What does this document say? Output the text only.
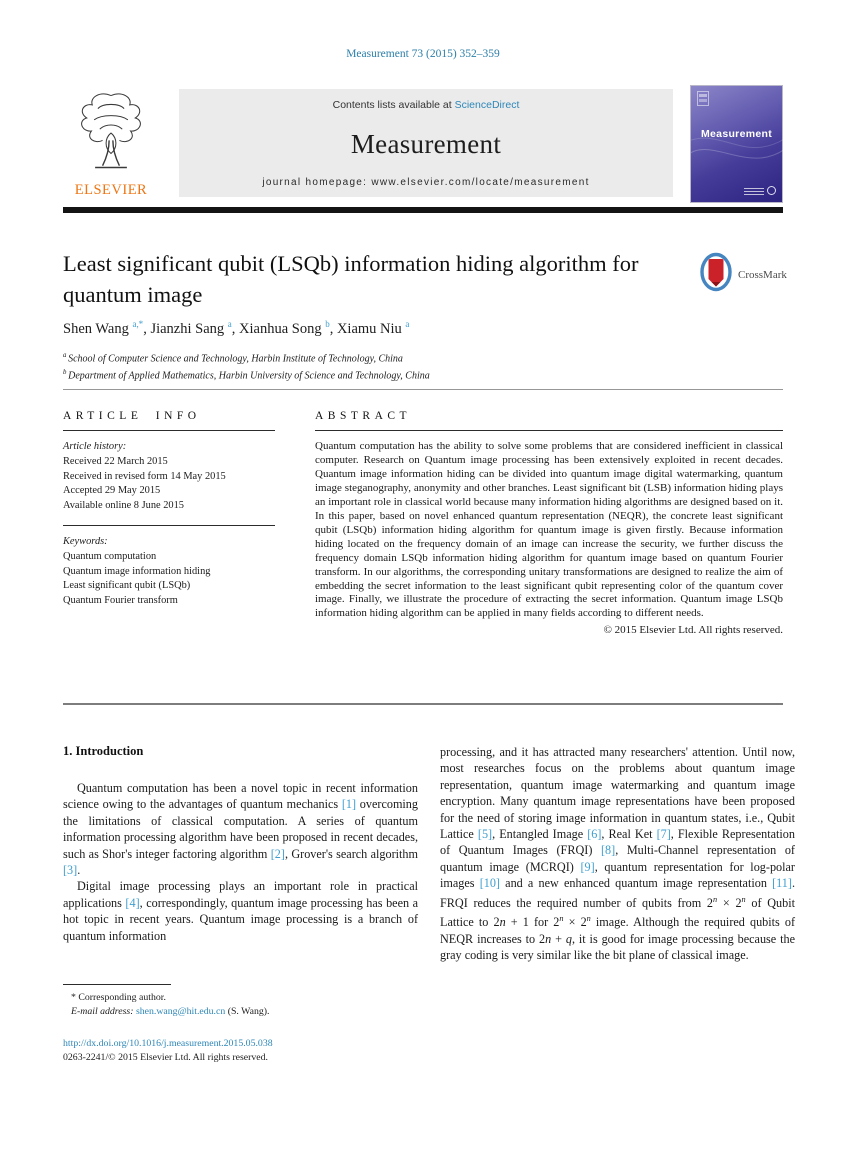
Measurement 73 (2015) 352–359
ELSEVIER
Contents lists available at ScienceDirect
Measurement
journal homepage: www.elsevier.com/locate/measurement
Measurement
Least significant qubit (LSQb) information hiding algorithm for quantum image
CrossMark
Shen Wang $^{a,*}$, Jianzhi Sang $^a$, Xianhua Song $^b$, Xiamu Niu $^a$
$^a$ School of Computer Science and Technology, Harbin Institute of Technology, China
$^b$ Department of Applied Mathematics, Harbin University of Science and Technology, China
ARTICLE INFO
Article history:
Received 22 March 2015
Received in revised form 14 May 2015
Accepted 29 May 2015
Available online 8 June 2015
Keywords:
Quantum computation
Quantum image information hiding
Least significant qubit (LSQb)
Quantum Fourier transform
ABSTRACT
Quantum computation has the ability to solve some problems that are considered inefficient in classical computer. Research on Quantum image processing has been extensively exploited in recent decades. Quantum image information hiding can be divided into quantum image digital watermarking, quantum image steganography, anonymity and other branches. Least significant bit (LSB) information hiding plays an important role in classical world because many information hiding algorithms are designed based on it. In this paper, based on novel enhanced quantum representation (NEQR), the concrete least significant qubit (LSQb) information hiding algorithm for quantum image is given firstly. Because information hiding located on the frequency domain of an image can increase the security, we further discuss the frequency domain LSQb information hiding algorithm for quantum image based on quantum Fourier transform. In our algorithms, the corresponding unitary transformations are designed to realize the aim of embedding the secret information to the least significant qubit representing color of the quantum cover image. Finally, we illustrate the procedure of extracting the secret information. Quantum image LSQb information hiding algorithm can be applied in many fields according to different needs.
© 2015 Elsevier Ltd. All rights reserved.
1. Introduction

Quantum computation has been a novel topic in recent information science owing to the advantages of quantum mechanics [1] overcoming the limitations of classical computation. A series of quantum information processing algorithm have been proposed in recent decades, such as Shor's integer factoring algorithm [2], Grover's search algorithm [3].

Digital image processing plays an important role in practical applications [4], correspondingly, quantum image processing has been a hot topic in recent years. Quantum image processing is a branch of quantum information

processing, and it has attracted many researchers' attention. Until now, most researches focus on the problems about quantum image representation, quantum image watermarking and quantum image encryption. Many quantum image representations have been proposed for the need of storing image information in quantum states, i.e., Qubit Lattice [5], Entangled Image [6], Real Ket [7], Flexible Representation of Quantum Images (FRQI) [8], Multi-Channel representation of quantum image (MCRQI) [9], quantum representation for log-polar images [10] and a new enhanced quantum image representation [11]. FRQI reduces the required number of qubits from $2^n \times 2^n$ of Qubit Lattice to 2n + 1 for $2^n \times 2^n$ image. Although the required qubits of NEQR increases to 2n + q, it is good for image processing because the gray coding is very similar like the bit plane of classical image.

* Corresponding author.
E-mail address: shen.wang@hit.edu.cn (S. Wang).
http://dx.doi.org/10.1016/j.measurement.2015.05.038
0263-2241/© 2015 Elsevier Ltd. All rights reserved.
